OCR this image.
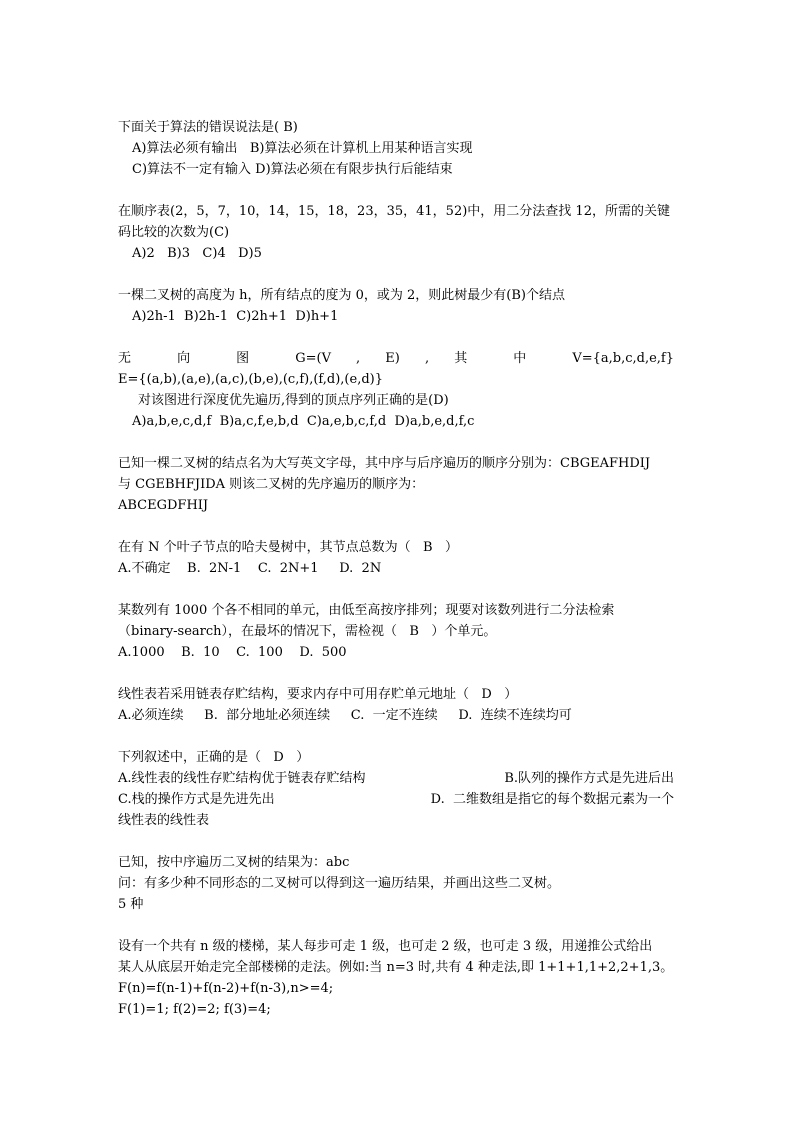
下面关于算法的错误说法是( B)
A)算法必须有输出   B)算法必须在计算机上用某种语言实现
C)算法不一定有输入 D)算法必须在有限步执行后能结束
在顺序表(2，5，7，10，14，15，18，23，35，41，52)中，用二分法查找 12，所需的关键
码比较的次数为(C)
A)2   B)3   C)4   D)5
一棵二叉树的高度为 h，所有结点的度为 0，或为 2，则此树最少有(B)个结点
A)2h-1  B)2h-1  C)2h+1  D)h+1
无 向 图 G=(V , E) , 其 中 V={a,b,c,d,e,f}
E={(a,b),(a,e),(a,c),(b,e),(c,f),(f,d),(e,d)}
对该图进行深度优先遍历,得到的顶点序列正确的是(D)
A)a,b,e,c,d,f  B)a,c,f,e,b,d  C)a,e,b,c,f,d  D)a,b,e,d,f,c
已知一棵二叉树的结点名为大写英文字母，其中序与后序遍历的顺序分别为：CBGEAFHDIJ
与 CGEBHFJIDA 则该二叉树的先序遍历的顺序为：
ABCEGDFHIJ
在有 N 个叶子节点的哈夫曼树中，其节点总数为（   B   ）
A.不确定    B.  2N-1    C.  2N+1     D.  2N
某数列有 1000 个各不相同的单元，由低至高按序排列；现要对该数列进行二分法检索
（binary-search），在最坏的情况下，需检视（   B   ）个单元。
A.1000    B.  10    C.  100    D.  500
线性表若采用链表存贮结构，要求内存中可用存贮单元地址（   D   ）
A.必须连续     B.  部分地址必须连续     C.  一定不连续     D.  连续不连续均可
下列叙述中，正确的是（   D   ）
A.线性表的线性存贮结构优于链表存贮结构	B.队列的操作方式是先进后出
C.栈的操作方式是先进先出	D.  二维数组是指它的每个数据元素为一个
线性表的线性表
已知，按中序遍历二叉树的结果为：abc
问：有多少种不同形态的二叉树可以得到这一遍历结果，并画出这些二叉树。
5 种
设有一个共有 n 级的楼梯，某人每步可走 1 级，也可走 2 级，也可走 3 级，用递推公式给出
某人从底层开始走完全部楼梯的走法。例如:当 n=3 时,共有 4 种走法,即 1+1+1,1+2,2+1,3。
F(n)=f(n-1)+f(n-2)+f(n-3),n>=4;
F(1)=1; f(2)=2; f(3)=4;
